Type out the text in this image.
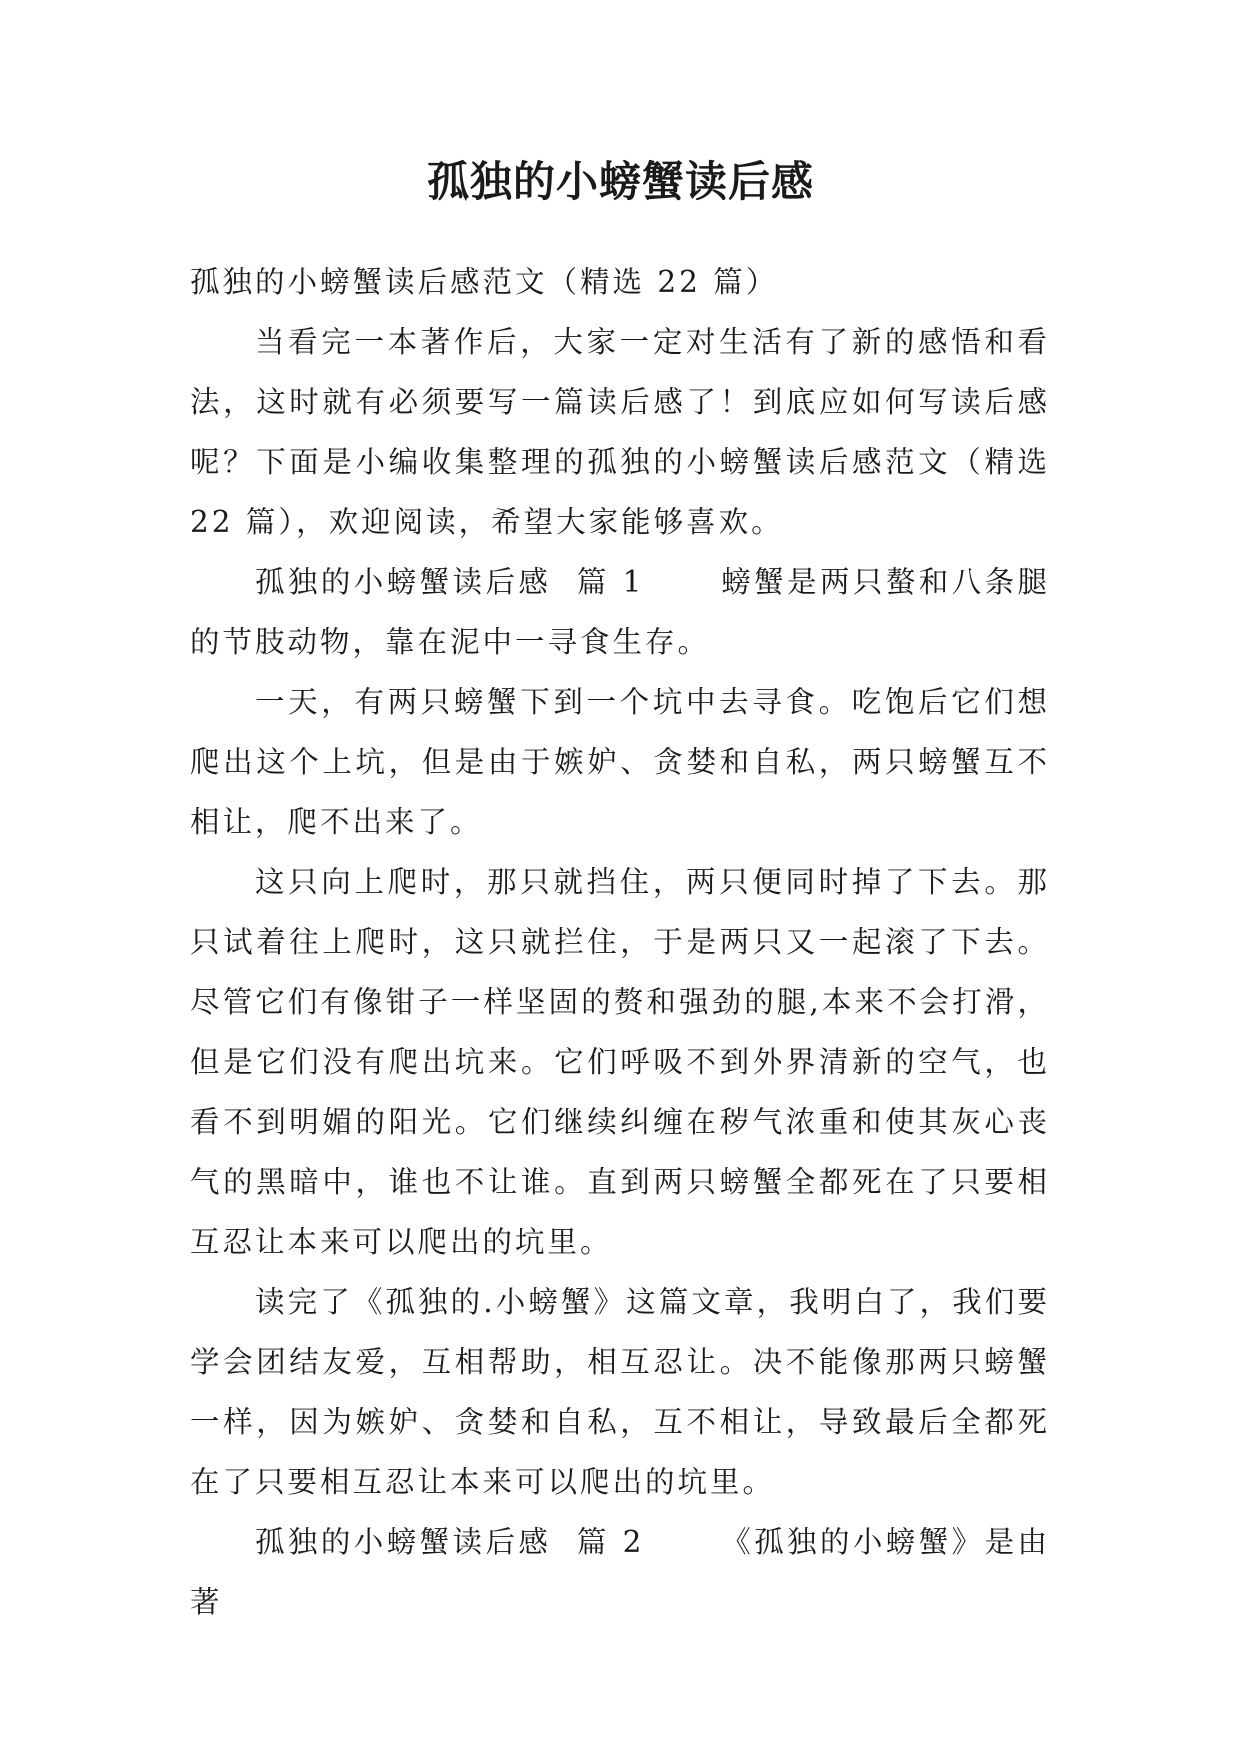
孤独的小螃蟹读后感

孤独的小螃蟹读后感范文（精选 22 篇）

当看完一本著作后，大家一定对生活有了新的感悟和看法，这时就有必须要写一篇读后感了！到底应如何写读后感呢？下面是小编收集整理的孤独的小螃蟹读后感范文（精选 22 篇），欢迎阅读，希望大家能够喜欢。

孤独的小螃蟹读后感  篇 1      螃蟹是两只螯和八条腿的节肢动物，靠在泥中一寻食生存。

一天，有两只螃蟹下到一个坑中去寻食。吃饱后它们想爬出这个上坑，但是由于嫉妒、贪婪和自私，两只螃蟹互不相让，爬不出来了。

这只向上爬时，那只就挡住，两只便同时掉了下去。那只试着往上爬时，这只就拦住，于是两只又一起滚了下去。尽管它们有像钳子一样坚固的赘和强劲的腿,本来不会打滑，但是它们没有爬出坑来。它们呼吸不到外界清新的空气，也看不到明媚的阳光。它们继续纠缠在秽气浓重和使其灰心丧气的黑暗中，谁也不让谁。直到两只螃蟹全都死在了只要相互忍让本来可以爬出的坑里。

读完了《孤独的.小螃蟹》这篇文章，我明白了，我们要学会团结友爱，互相帮助，相互忍让。决不能像那两只螃蟹一样，因为嫉妒、贪婪和自私，互不相让，导致最后全都死在了只要相互忍让本来可以爬出的坑里。

孤独的小螃蟹读后感  篇 2      《孤独的小螃蟹》是由著
